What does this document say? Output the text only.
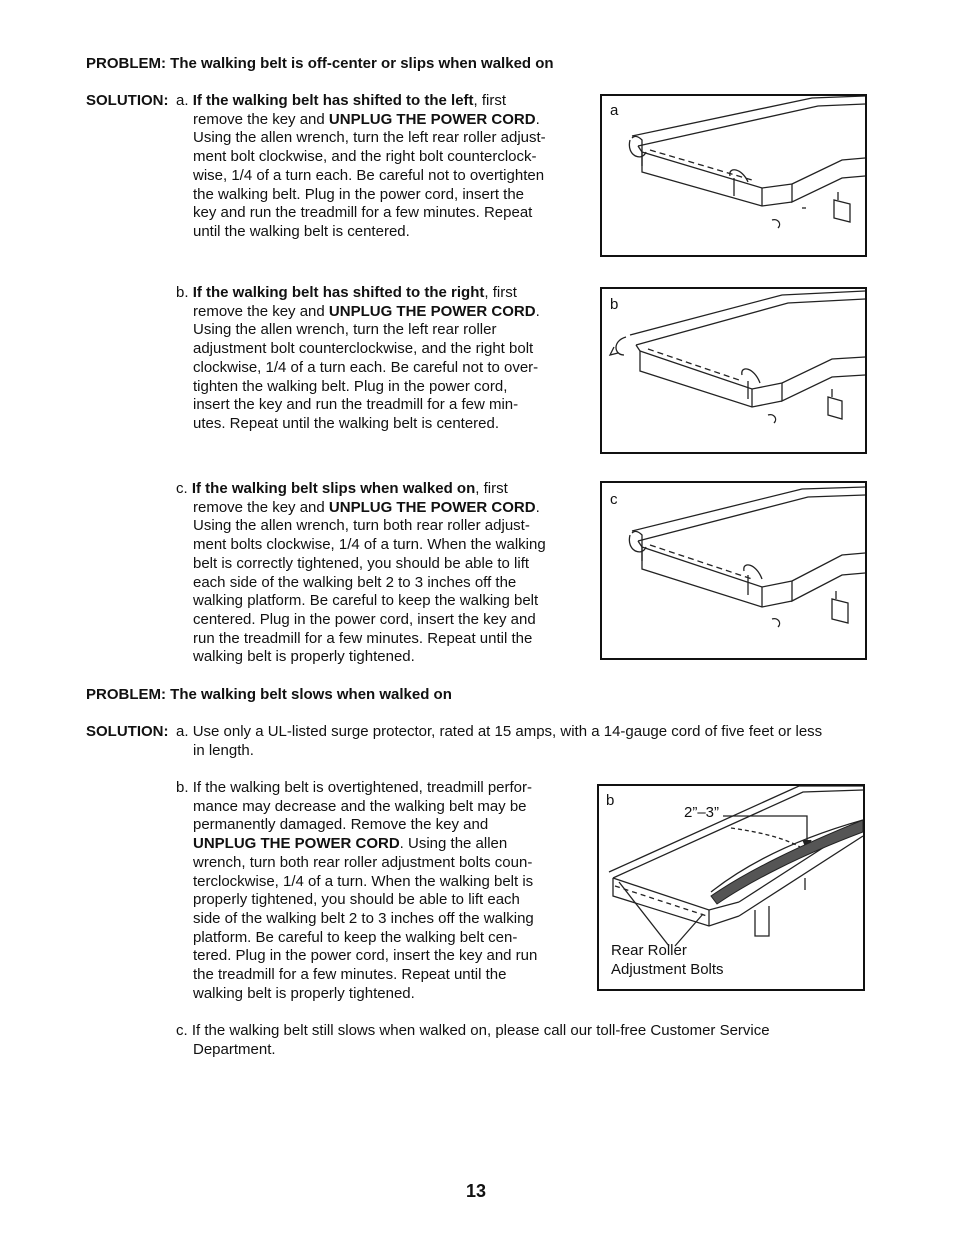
PROBLEM: The walking belt is off-center or slips when walked on
SOLUTION: a. If the walking belt has shifted to the left, first
remove the key and UNPLUG THE POWER CORD.
Using the allen wrench, turn the left rear roller adjust-
ment bolt clockwise, and the right bolt counterclock-
wise, 1/4 of a turn each. Be careful not to overtighten
the walking belt. Plug in the power cord, insert the
key and run the treadmill for a few minutes. Repeat
until the walking belt is centered.
a
b. If the walking belt has shifted to the right, first
remove the key and UNPLUG THE POWER CORD.
Using the allen wrench, turn the left rear roller
adjustment bolt counterclockwise, and the right bolt
clockwise, 1/4 of a turn each. Be careful not to over-
tighten the walking belt. Plug in the power cord,
insert the key and run the treadmill for a few min-
utes. Repeat until the walking belt is centered.
b
c. If the walking belt slips when walked on, first
remove the key and UNPLUG THE POWER CORD.
Using the allen wrench, turn both rear roller adjust-
ment bolts clockwise, 1/4 of a turn. When the walking
belt is correctly tightened, you should be able to lift
each side of the walking belt 2 to 3 inches off the
walking platform. Be careful to keep the walking belt
centered. Plug in the power cord, insert the key and
run the treadmill for a few minutes. Repeat until the
walking belt is properly tightened.
c
PROBLEM: The walking belt slows when walked on
SOLUTION: a. Use only a UL-listed surge protector, rated at 15 amps, with a 14-gauge cord of five feet or less
in length.
b. If the walking belt is overtightened, treadmill perfor-
mance may decrease and the walking belt may be
permanently damaged. Remove the key and
UNPLUG THE POWER CORD. Using the allen
wrench, turn both rear roller adjustment bolts coun-
terclockwise, 1/4 of a turn. When the walking belt is
properly tightened, you should be able to lift each
side of the walking belt 2 to 3 inches off the walking
platform. Be careful to keep the walking belt cen-
tered. Plug in the power cord, insert the key and run
the treadmill for a few minutes. Repeat until the
walking belt is properly tightened.
b
2”–3”
Rear Roller
Adjustment Bolts
c. If the walking belt still slows when walked on, please call our toll-free Customer Service
Department.
13
